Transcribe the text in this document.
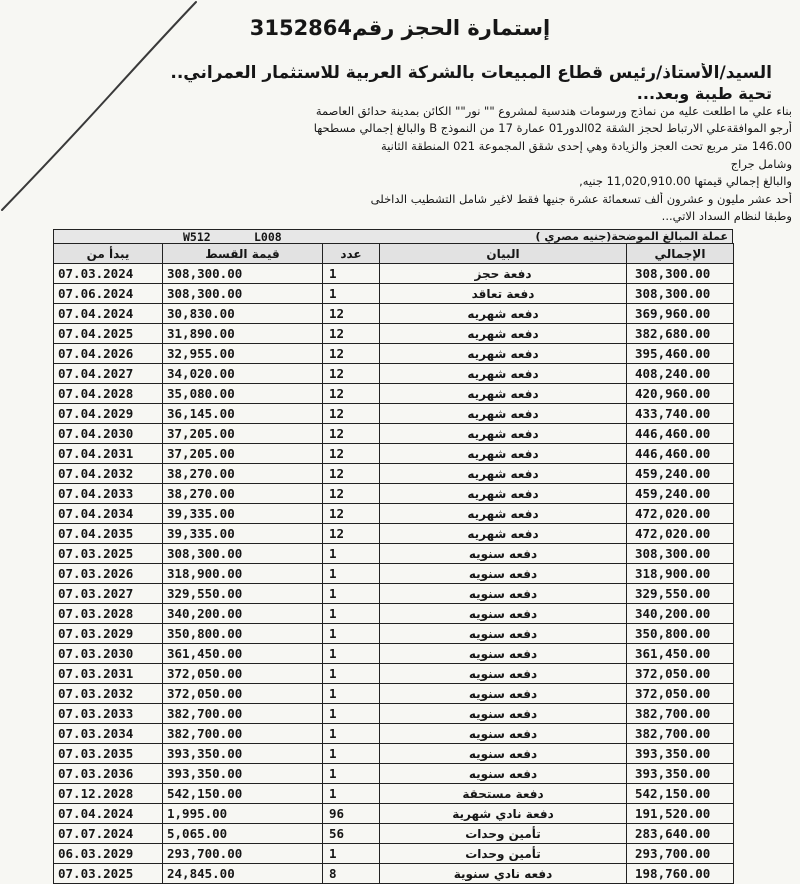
إستمارة الحجز رقم3152864
السيد/الأستاذ/رئيس قطاع المبيعات بالشركة العربية للاستثمار العمراني..
تحية طيبة وبعد...
بناء علي ما اطلعت عليه من نماذج ورسومات هندسية لمشروع "" نور"" الكائن بمدينة حدائق العاصمة
أرجو الموافقةعلي الارتباط لحجز الشقة 02الدور01 عمارة 17 من النموذج B والبالغ إجمالي مسطحها
146.00 متر مربع تحت العجز والزيادة وهي إحدى شقق المجموعة 021 المنطقة الثانية
وشامل جراج
والبالغ إجمالي قيمتها 11,020,910.00 جنيه,
أحد عشر مليون و عشرون ألف تسعمائة عشرة جنيها فقط لاغير شامل التشطيب الداخلى
وطبقا لنظام السداد الاتي...
W512	L008	عملة المبالغ الموضحة(جنيه مصري )
يبدأ من	قيمة القسط	عدد	البيان	الإجمالي
07.03.2024	308,300.00	1	دفعة حجز	308,300.00
07.06.2024	308,300.00	1	دفعة تعاقد	308,300.00
07.04.2024	30,830.00	12	دفعه شهريه	369,960.00
07.04.2025	31,890.00	12	دفعه شهريه	382,680.00
07.04.2026	32,955.00	12	دفعه شهريه	395,460.00
07.04.2027	34,020.00	12	دفعه شهريه	408,240.00
07.04.2028	35,080.00	12	دفعه شهريه	420,960.00
07.04.2029	36,145.00	12	دفعه شهريه	433,740.00
07.04.2030	37,205.00	12	دفعه شهريه	446,460.00
07.04.2031	37,205.00	12	دفعه شهريه	446,460.00
07.04.2032	38,270.00	12	دفعه شهريه	459,240.00
07.04.2033	38,270.00	12	دفعه شهريه	459,240.00
07.04.2034	39,335.00	12	دفعه شهريه	472,020.00
07.04.2035	39,335.00	12	دفعه شهريه	472,020.00
07.03.2025	308,300.00	1	دفعه سنويه	308,300.00
07.03.2026	318,900.00	1	دفعه سنويه	318,900.00
07.03.2027	329,550.00	1	دفعه سنويه	329,550.00
07.03.2028	340,200.00	1	دفعه سنويه	340,200.00
07.03.2029	350,800.00	1	دفعه سنويه	350,800.00
07.03.2030	361,450.00	1	دفعه سنويه	361,450.00
07.03.2031	372,050.00	1	دفعه سنويه	372,050.00
07.03.2032	372,050.00	1	دفعه سنويه	372,050.00
07.03.2033	382,700.00	1	دفعه سنويه	382,700.00
07.03.2034	382,700.00	1	دفعه سنويه	382,700.00
07.03.2035	393,350.00	1	دفعه سنويه	393,350.00
07.03.2036	393,350.00	1	دفعه سنويه	393,350.00
07.12.2028	542,150.00	1	دفعة مستحقة	542,150.00
07.04.2024	1,995.00	96	دفعة نادي شهرية	191,520.00
07.07.2024	5,065.00	56	تأمين وحدات	283,640.00
06.03.2029	293,700.00	1	تأمين وحدات	293,700.00
07.03.2025	24,845.00	8	دفعه نادي سنوية	198,760.00
